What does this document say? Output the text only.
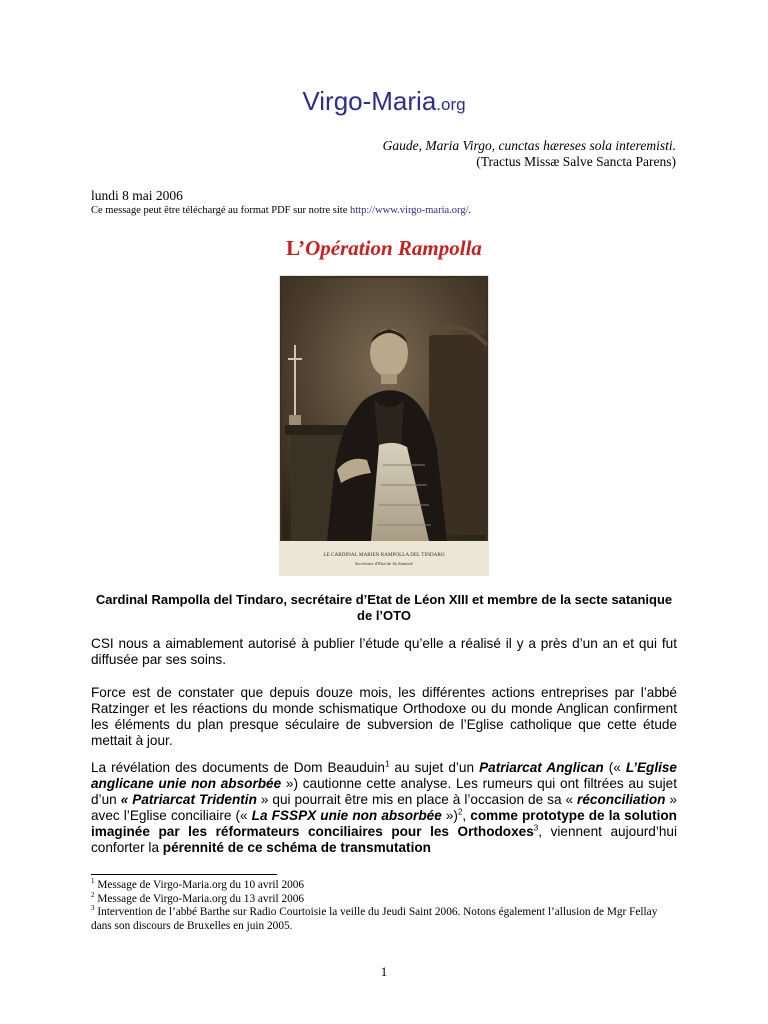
Virgo-Maria.org
Gaude, Maria Virgo, cunctas hæreses sola interemisti.
(Tractus Missæ Salve Sancta Parens)
lundi 8 mai 2006
Ce message peut être téléchargé au format PDF sur notre site http://www.virgo-maria.org/.
L’Opération Rampolla
LE CARDINAL MARIEN RAMPOLLA DEL TINDARO
Secrétaire d'Etat de Sa Sainteté
Cardinal Rampolla del Tindaro, secrétaire d’Etat de Léon XIII et membre de la secte satanique de l’OTO
CSI nous a aimablement autorisé à publier l’étude qu’elle a réalisé il y a près d’un an et qui fut diffusée par ses soins.
Force est de constater que depuis douze mois, les différentes actions entreprises par l’abbé Ratzinger et les réactions du monde schismatique Orthodoxe ou du monde Anglican confirment les éléments du plan presque séculaire de subversion de l’Eglise catholique que cette étude mettait à jour.
La révélation des documents de Dom Beauduin$^1$ au sujet d’un Patriarcat Anglican (« L’Eglise anglicane unie non absorbée ») cautionne cette analyse. Les rumeurs qui ont filtrées au sujet d’un « Patriarcat Tridentin » qui pourrait être mis en place à l’occasion de sa « réconciliation » avec l’Eglise conciliaire (« La FSSPX unie non absorbée »)$^2$, comme prototype de la solution imaginée par les réformateurs conciliaires pour les Orthodoxes$^3$, viennent aujourd’hui conforter la pérennité de ce schéma de transmutation
$^1$ Message de Virgo-Maria.org du 10 avril 2006
$^2$ Message de Virgo-Maria.org du 13 avril 2006
$^3$ Intervention de l’abbé Barthe sur Radio Courtoisie la veille du Jeudi Saint 2006. Notons également l’allusion de Mgr Fellay dans son discours de Bruxelles en juin 2005.
1
